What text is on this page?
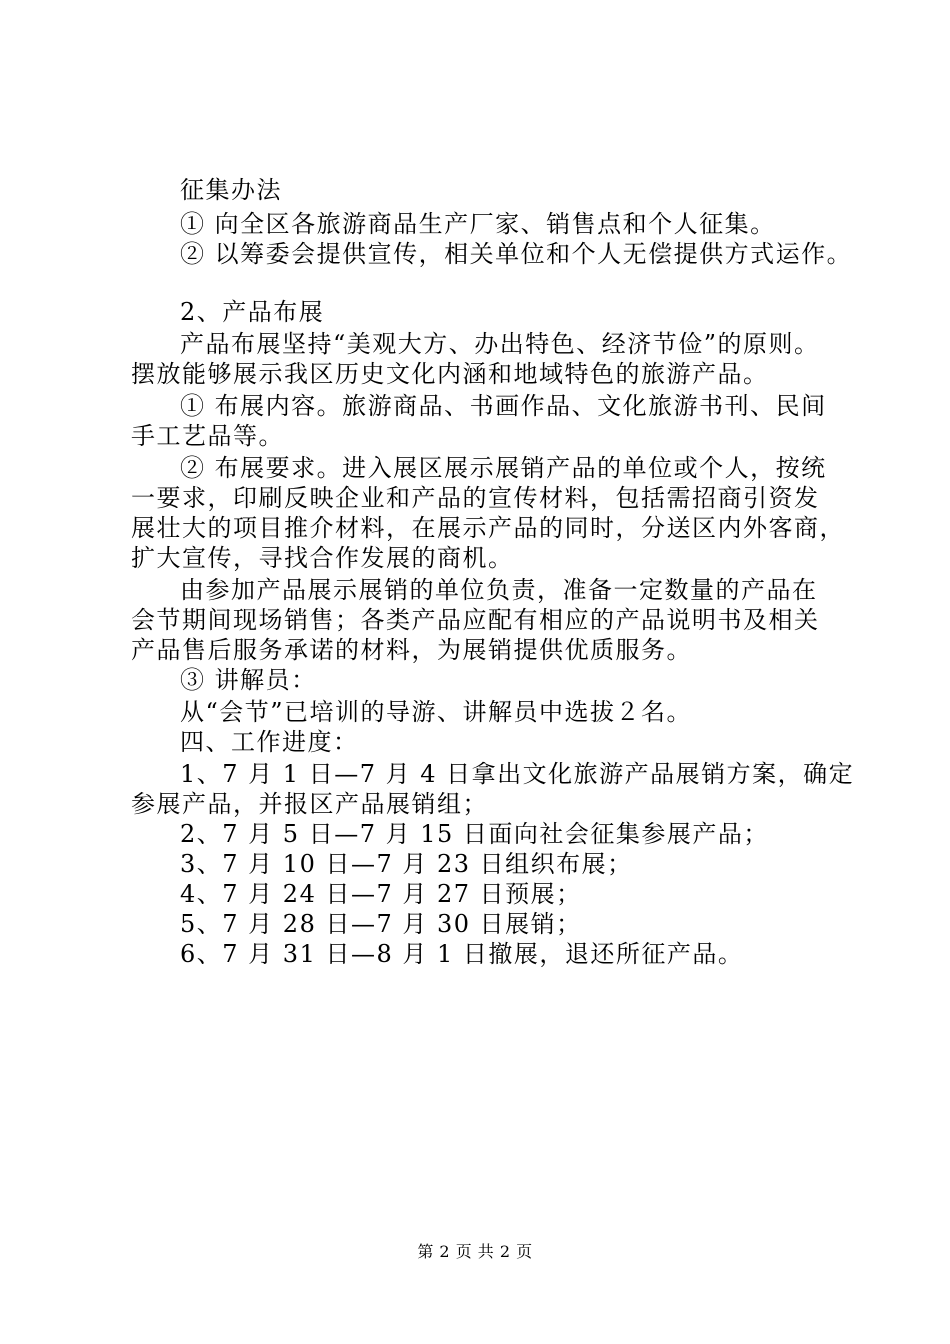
征集办法
① 向全区各旅游商品生产厂家、销售点和个人征集。
② 以筹委会提供宣传，相关单位和个人无偿提供方式运作。
2、产品布展
产品布展坚持“美观大方、办出特色、经济节俭”的原则。
摆放能够展示我区历史文化内涵和地域特色的旅游产品。
① 布展内容。旅游商品、书画作品、文化旅游书刊、民间
手工艺品等。
② 布展要求。进入展区展示展销产品的单位或个人，按统
一要求，印刷反映企业和产品的宣传材料，包括需招商引资发
展壮大的项目推介材料，在展示产品的同时，分送区内外客商，
扩大宣传，寻找合作发展的商机。
由参加产品展示展销的单位负责，准备一定数量的产品在
会节期间现场销售；各类产品应配有相应的产品说明书及相关
产品售后服务承诺的材料，为展销提供优质服务。
③ 讲解员：
从“会节”已培训的导游、讲解员中选拔２名。
四、工作进度：
1、7 月 1 日—7 月 4 日拿出文化旅游产品展销方案，确定
参展产品，并报区产品展销组；
2、7 月 5 日—7 月 15 日面向社会征集参展产品；
3、7 月 10 日—7 月 23 日组织布展；
4、7 月 24 日—7 月 27 日预展；
5、7 月 28 日—7 月 30 日展销；
6、7 月 31 日—8 月 1 日撤展，退还所征产品。
第 2 页 共 2 页
